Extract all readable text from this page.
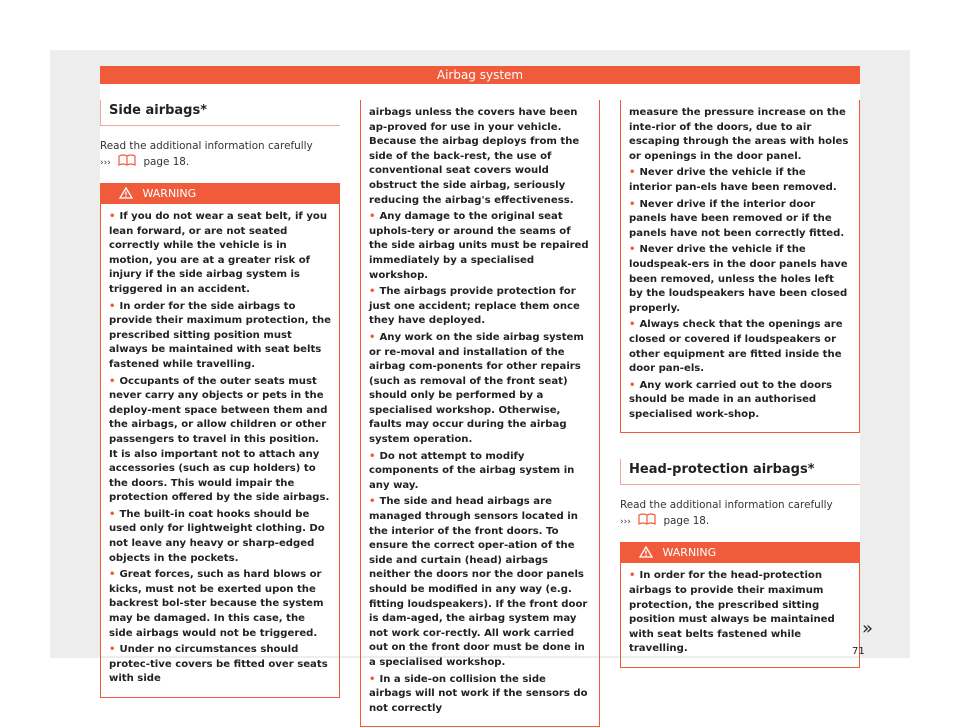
Airbag system
Side airbags*
Read the additional information carefully
›››	page 18.
WARNING

• If you do not wear a seat belt, if you lean forward, or are not seated correctly while the vehicle is in motion, you are at a greater risk of injury if the side airbag system is triggered in an accident.

• In order for the side airbags to provide their maximum protection, the prescribed sitting position must always be maintained with seat belts fastened while travelling.

• Occupants of the outer seats must never carry any objects or pets in the deploy-ment space between them and the airbags, or allow children or other passengers to travel in this position. It is also important not to attach any accessories (such as cup holders) to the doors. This would impair the protection offered by the side airbags.

• The built-in coat hooks should be used only for lightweight clothing. Do not leave any heavy or sharp-edged objects in the pockets.

• Great forces, such as hard blows or kicks, must not be exerted upon the backrest bol-ster because the system may be damaged. In this case, the side airbags would not be triggered.

• Under no circumstances should protec-tive covers be fitted over seats with side

airbags unless the covers have been ap-proved for use in your vehicle. Because the airbag deploys from the side of the back-rest, the use of conventional seat covers would obstruct the side airbag, seriously reducing the airbag's effectiveness.

• Any damage to the original seat uphols-tery or around the seams of the side airbag units must be repaired immediately by a specialised workshop.

• The airbags provide protection for just one accident; replace them once they have deployed.

• Any work on the side airbag system or re-moval and installation of the airbag com-ponents for other repairs (such as removal of the front seat) should only be performed by a specialised workshop. Otherwise, faults may occur during the airbag system operation.

• Do not attempt to modify components of the airbag system in any way.

• The side and head airbags are managed through sensors located in the interior of the front doors. To ensure the correct oper-ation of the side and curtain (head) airbags neither the doors nor the door panels should be modified in any way (e.g. fitting loudspeakers). If the front door is dam-aged, the airbag system may not work cor-rectly. All work carried out on the front door must be done in a specialised workshop.

• In a side-on collision the side airbags will not work if the sensors do not correctly

measure the pressure increase on the inte-rior of the doors, due to air escaping through the areas with holes or openings in the door panel.

• Never drive the vehicle if the interior pan-els have been removed.

• Never drive if the interior door panels have been removed or if the panels have not been correctly fitted.

• Never drive the vehicle if the loudspeak-ers in the door panels have been removed, unless the holes left by the loudspeakers have been closed properly.

• Always check that the openings are closed or covered if loudspeakers or other equipment are fitted inside the door pan-els.

• Any work carried out to the doors should be made in an authorised specialised work-shop.

Head-protection airbags*
Read the additional information carefully
›››	page 18.
WARNING

• In order for the head-protection airbags to provide their maximum protection, the prescribed sitting position must always be maintained with seat belts fastened while travelling.

»
71
